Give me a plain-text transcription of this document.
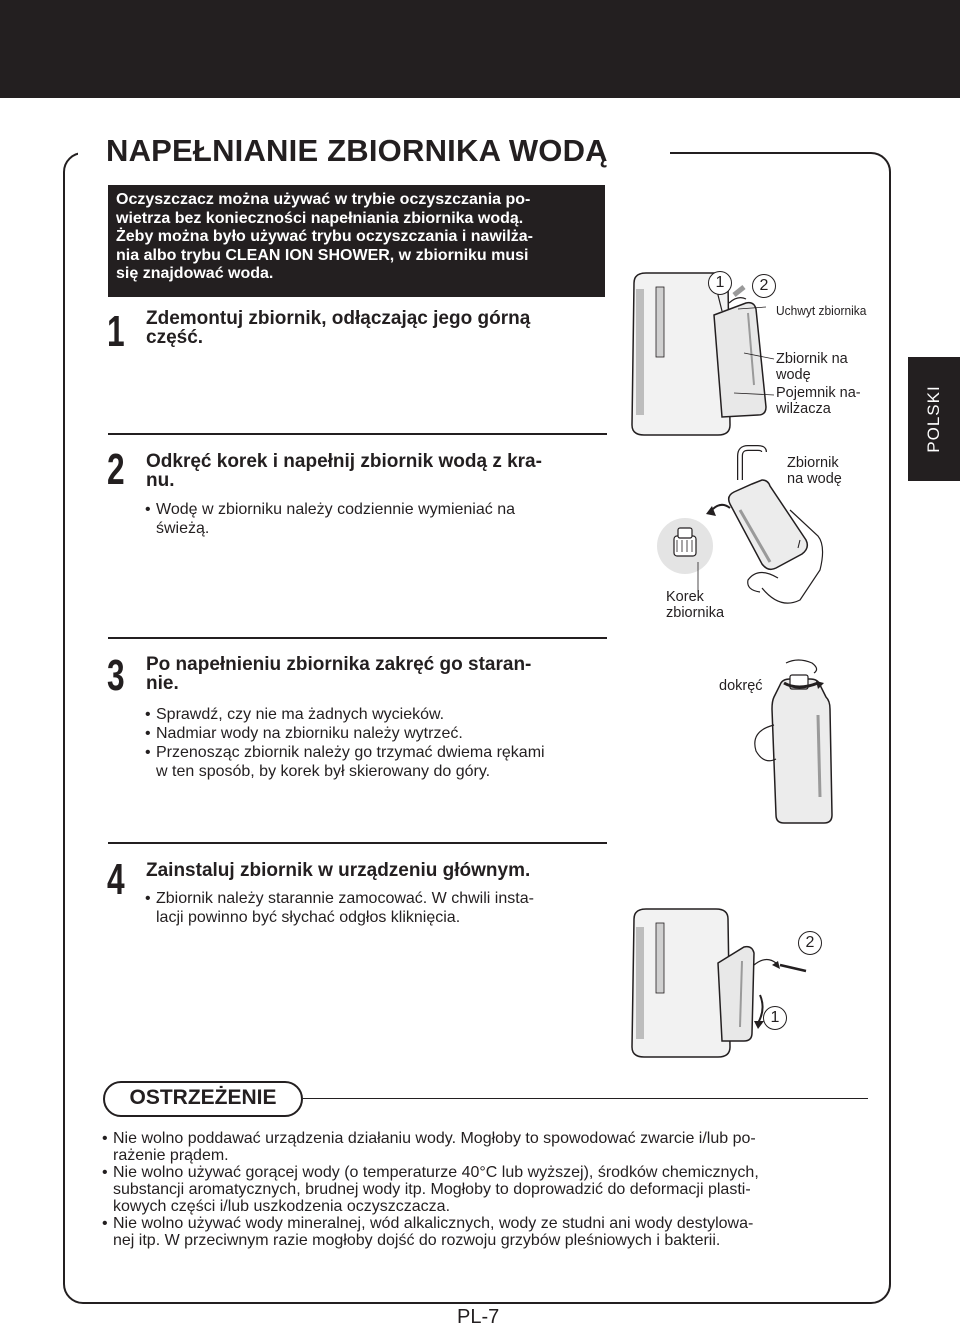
NAPEŁNIANIE ZBIORNIKA WODĄ
Oczyszczacz można używać w trybie oczyszczania po-
wietrza bez konieczności napełniania zbiornika wodą.
Żeby można było używać trybu oczyszczania i nawilża-
nia albo trybu CLEAN ION SHOWER, w zbiorniku musi
się znajdować woda.
1 Zdemontuj zbiornik, odłączając jego górną
część.
2 Odkręć korek i napełnij zbiornik wodą z kra-
nu.
• Wodę w zbiorniku należy codziennie wymieniać na
świeżą.
3 Po napełnieniu zbiornika zakręć go staran-
nie.
• Sprawdź, czy nie ma żadnych wycieków.
• Nadmiar wody na zbiorniku należy wytrzeć.
• Przenosząc zbiornik należy go trzymać dwiema rękami
w ten sposób, by korek był skierowany do góry.
4 Zainstaluj zbiornik w urządzeniu głównym.
• Zbiornik należy starannie zamocować. W chwili insta-
lacji powinno być słychać odgłos kliknięcia.
1	2
Uchwyt zbiornika
Zbiornik na
wodę
Pojemnik na-
wilżacza	POLSKI
Zbiornik
na wodę
Korek
zbiornika
dokręć
2
1
OSTRZEŻENIE
• Nie wolno poddawać urządzenia działaniu wody. Mogłoby to spowodować zwarcie i/lub po-
rażenie prądem.
• Nie wolno używać gorącej wody (o temperaturze 40°C lub wyższej), środków chemicznych,
substancji aromatycznych, brudnej wody itp. Mogłoby to doprowadzić do deformacji plasti-
kowych części i/lub uszkodzenia oczyszczacza.
• Nie wolno używać wody mineralnej, wód alkalicznych, wody ze studni ani wody destylowa-
nej itp. W przeciwnym razie mogłoby dojść do rozwoju grzybów pleśniowych i bakterii.
PL-7
